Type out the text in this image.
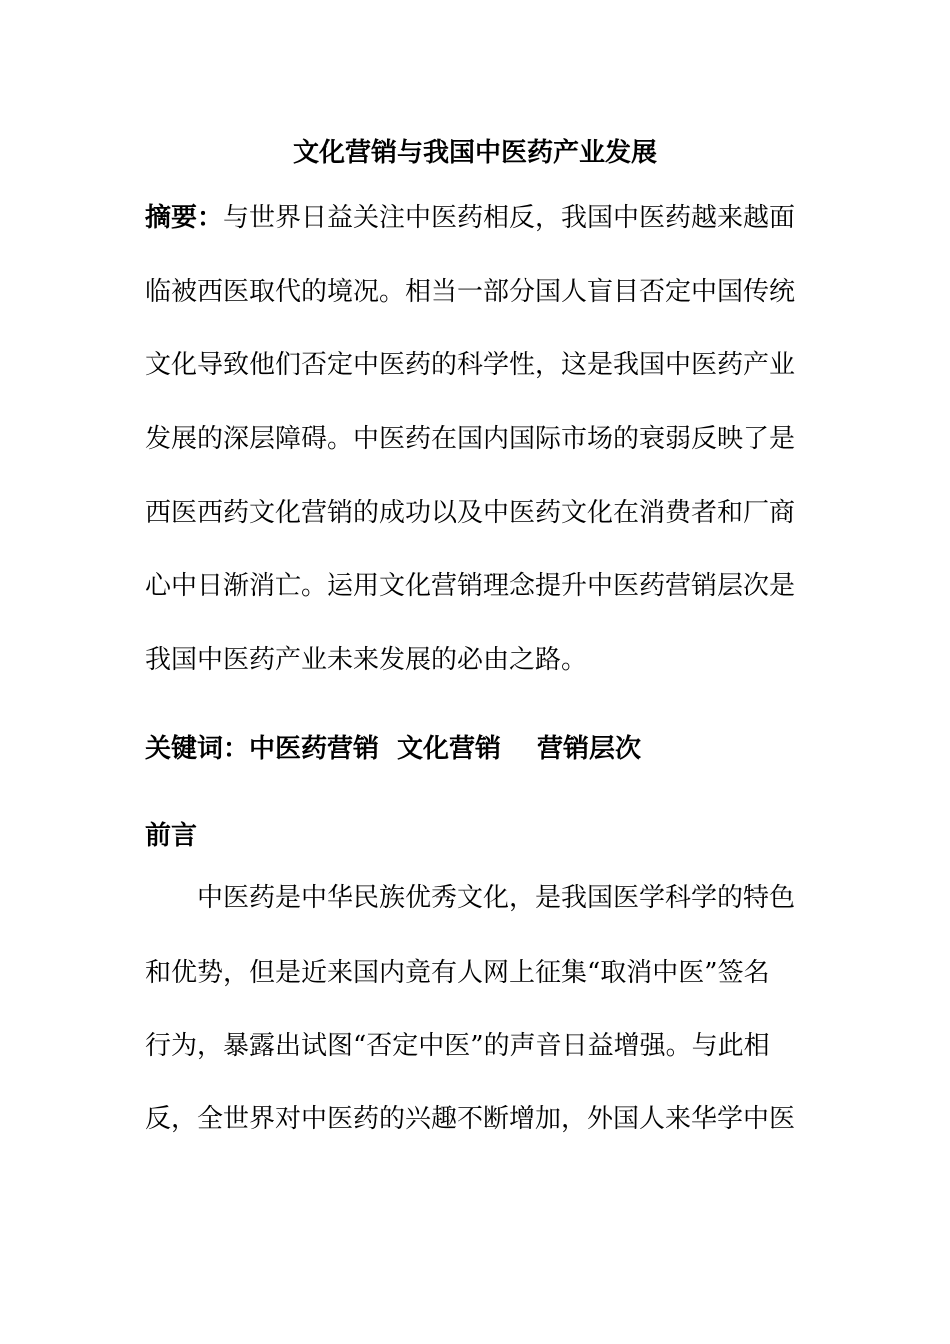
文化营销与我国中医药产业发展
摘要：与世界日益关注中医药相反，我国中医药越来越面
临被西医取代的境况。相当一部分国人盲目否定中国传统
文化导致他们否定中医药的科学性，这是我国中医药产业
发展的深层障碍。中医药在国内国际市场的衰弱反映了是
西医西药文化营销的成功以及中医药文化在消费者和厂商
心中日渐消亡。运用文化营销理念提升中医药营销层次是
我国中医药产业未来发展的必由之路。
关键词：中医药营销 文化营销 营销层次
前言
中医药是中华民族优秀文化，是我国医学科学的特色
和优势，但是近来国内竟有人网上征集“取消中医”签名
行为，暴露出试图“否定中医”的声音日益增强。与此相
反，全世界对中医药的兴趣不断增加，外国人来华学中医
